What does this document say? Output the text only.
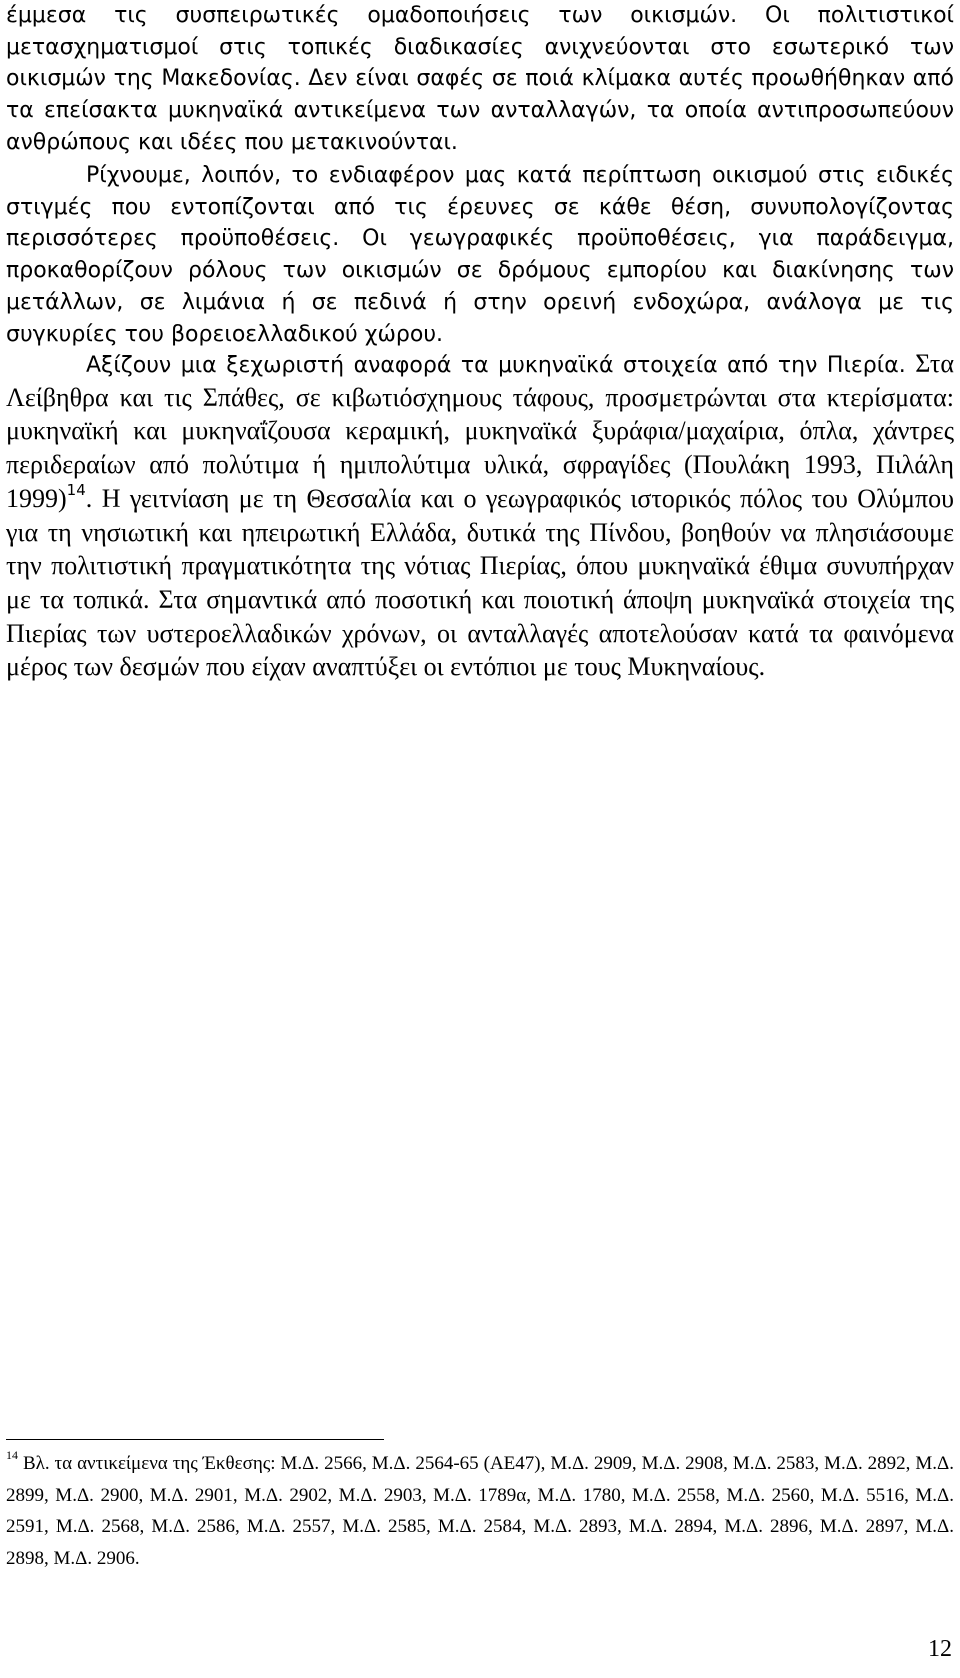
έμμεσα τις συσπειρωτικές ομαδοποιήσεις των οικισμών. Οι πολιτιστικοί μετασχηματισμοί στις τοπικές διαδικασίες ανιχνεύονται στο εσωτερικό των οικισμών της Μακεδονίας. Δεν είναι σαφές σε ποιά κλίμακα αυτές προωθήθηκαν από τα επείσακτα μυκηναϊκά αντικείμενα των ανταλλαγών, τα οποία αντιπροσωπεύουν ανθρώπους και ιδέες που μετακινούνται.

Ρίχνουμε, λοιπόν, το ενδιαφέρον μας κατά περίπτωση οικισμού στις ειδικές στιγμές που εντοπίζονται από τις έρευνες σε κάθε θέση, συνυπολογίζοντας περισσότερες προϋποθέσεις. Οι γεωγραφικές προϋποθέσεις, για παράδειγμα, προκαθορίζουν ρόλους των οικισμών σε δρόμους εμπορίου και διακίνησης των μετάλλων, σε λιμάνια ή σε πεδινά ή στην ορεινή ενδοχώρα, ανάλογα με τις συγκυρίες του βορειοελλαδικού χώρου.

Αξίζουν μια ξεχωριστή αναφορά τα μυκηναϊκά στοιχεία από την Πιερία. Στα Λείβηθρα και τις Σπάθες, σε κιβωτιόσχημους τάφους, προσμετρώνται στα κτερίσματα: μυκηναϊκή και μυκηναΐζουσα κεραμική, μυκηναϊκά ξυράφια/μαχαίρια, όπλα, χάντρες περιδεραίων από πολύτιμα ή ημιπολύτιμα υλικά, σφραγίδες (Πουλάκη 1993, Πιλάλη 1999)$^{14}$. Η γειτνίαση με τη Θεσσαλία και ο γεωγραφικός ιστορικός πόλος του Ολύμπου για τη νησιωτική και ηπειρωτική Ελλάδα, δυτικά της Πίνδου, βοηθούν να πλησιάσουμε την πολιτιστική πραγματικότητα της νότιας Πιερίας, όπου μυκηναϊκά έθιμα συνυπήρχαν με τα τοπικά. Στα σημαντικά από ποσοτική και ποιοτική άποψη μυκηναϊκά στοιχεία της Πιερίας των υστεροελλαδικών χρόνων, οι ανταλλαγές αποτελούσαν κατά τα φαινόμενα μέρος των δεσμών που είχαν αναπτύξει οι εντόπιοι με τους Μυκηναίους.

$^{14}$ Βλ. τα αντικείμενα της Έκθεσης: Μ.Δ. 2566, Μ.Δ. 2564-65 (ΑΕ47), Μ.Δ. 2909, Μ.Δ. 2908, Μ.Δ. 2583, Μ.Δ. 2892, Μ.Δ. 2899, Μ.Δ. 2900, Μ.Δ. 2901, Μ.Δ. 2902, Μ.Δ. 2903, Μ.Δ. 1789α, Μ.Δ. 1780, Μ.Δ. 2558, Μ.Δ. 2560, Μ.Δ. 5516, Μ.Δ. 2591, Μ.Δ. 2568, Μ.Δ. 2586, Μ.Δ. 2557, Μ.Δ. 2585, Μ.Δ. 2584, Μ.Δ. 2893, Μ.Δ. 2894, Μ.Δ. 2896, Μ.Δ. 2897, Μ.Δ. 2898, Μ.Δ. 2906.

12
